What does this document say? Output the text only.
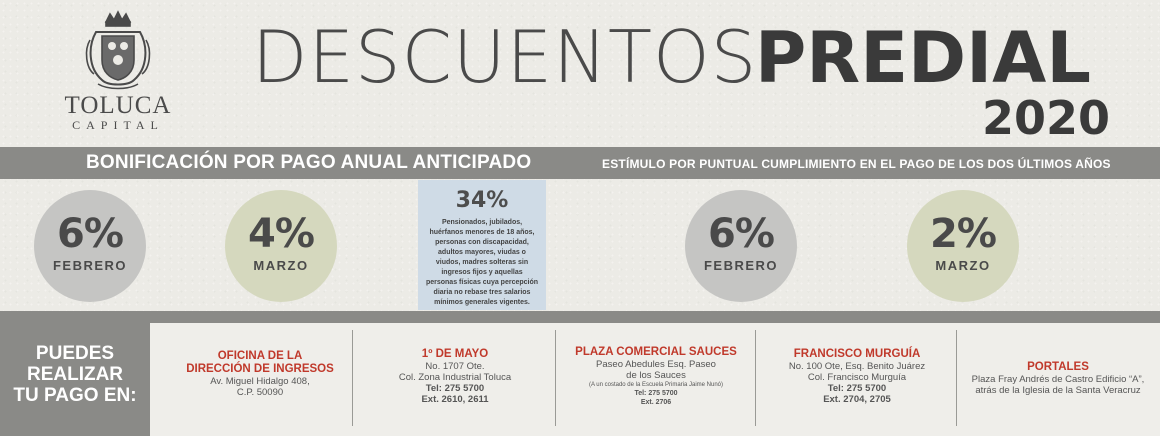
TOLUCA
CAPITAL
DESCUENTOS
PREDIAL
2020
BONIFICACIÓN POR PAGO ANUAL ANTICIPADO	ESTÍMULO POR PUNTUAL CUMPLIMIENTO EN EL PAGO DE LOS DOS ÚLTIMOS AÑOS
6%
FEBRERO
4%
MARZO
6%
FEBRERO
2%
MARZO
34%
Pensionados, jubilados, huérfanos menores de 18 años, personas con discapacidad, adultos mayores, viudas o viudos, madres solteras sin ingresos fijos y aquellas personas físicas cuya percepción diaria no rebase tres salarios mínimos generales vigentes.
PUEDES
REALIZAR
TU PAGO EN:
OFICINA DE LA
DIRECCIÓN DE INGRESOS
Av. Miguel Hidalgo 408,
C.P. 50090
1º DE MAYO
No. 1707 Ote.
Col. Zona Industrial Toluca
Tel: 275 5700
Ext. 2610, 2611
PLAZA COMERCIAL SAUCES
Paseo Abedules Esq. Paseo
de los Sauces
(A un costado de la Escuela Primaria Jaime Nunó)
Tel: 275 5700
Ext. 2706
FRANCISCO MURGUÍA
No. 100 Ote, Esq. Benito Juárez
Col. Francisco Murguía
Tel: 275 5700
Ext. 2704, 2705
PORTALES
Plaza Fray Andrés de Castro Edificio “A”,
atrás de la Iglesia de la Santa Veracruz
